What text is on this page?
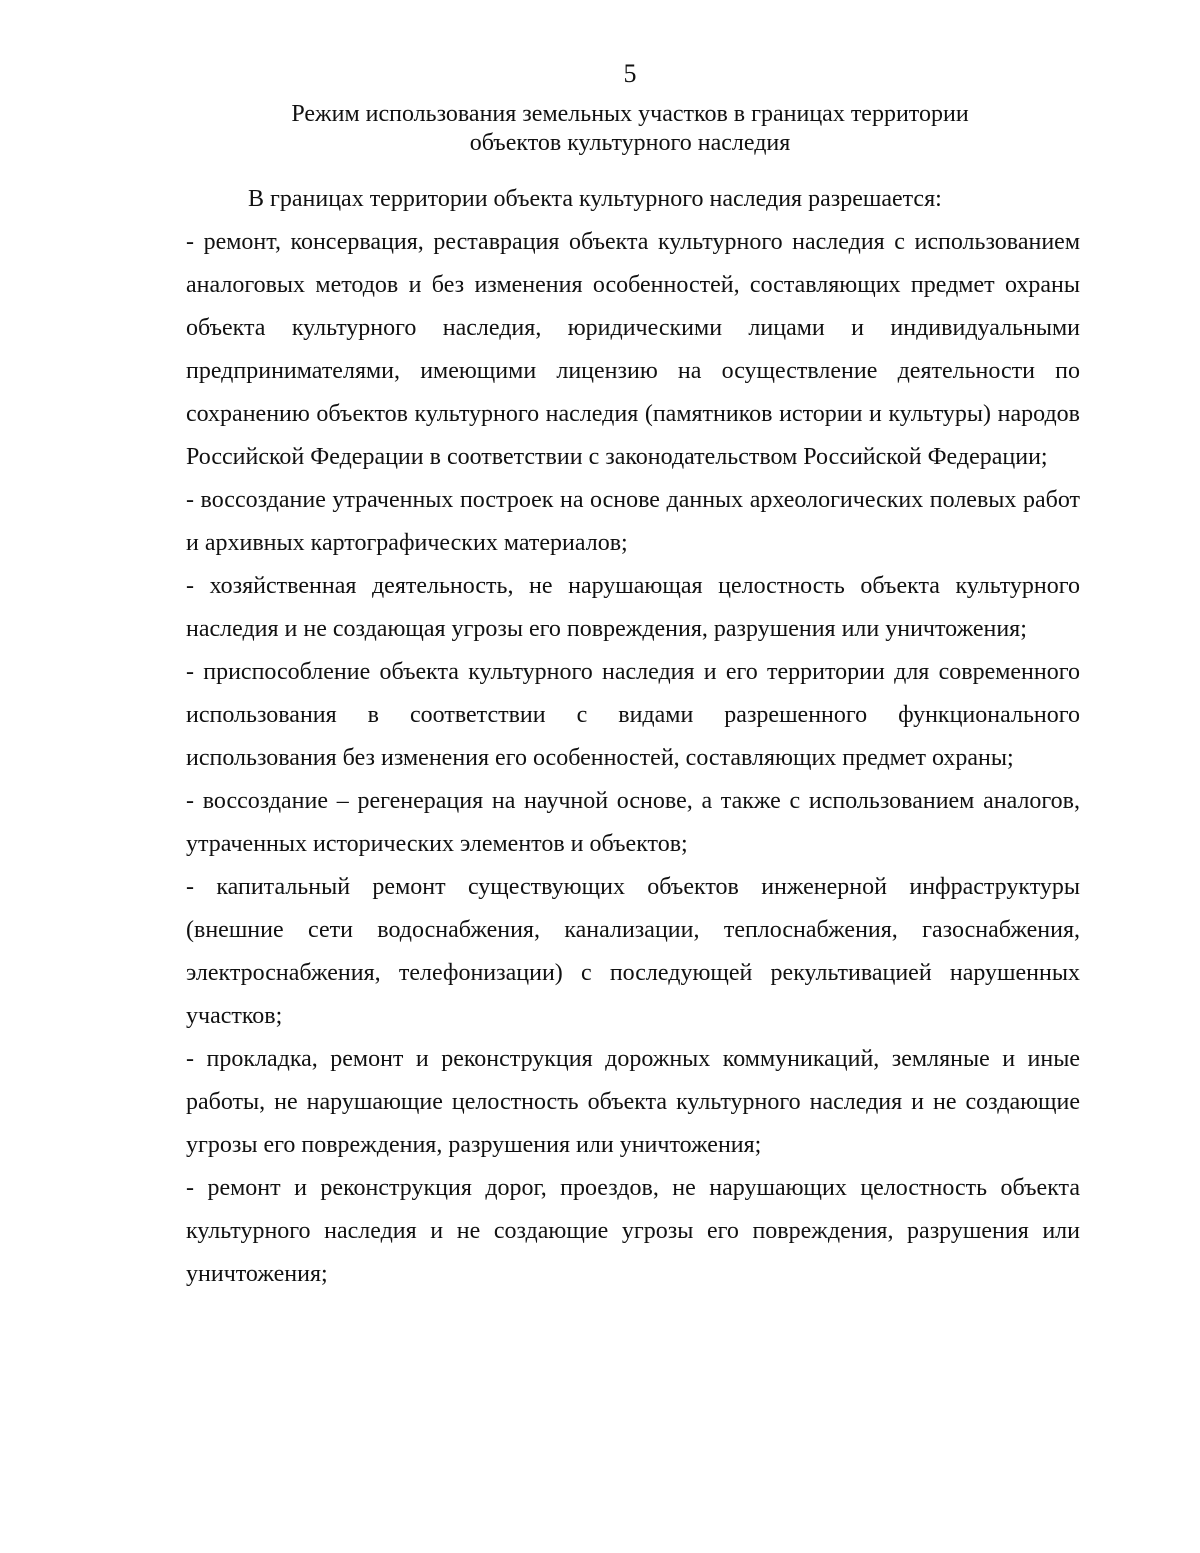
5
Режим использования земельных участков в границах территории
объектов культурного наследия

В границах территории объекта культурного наследия разрешается:

- ремонт, консервация, реставрация объекта культурного наследия с использованием аналоговых методов и без изменения особенностей, составляющих предмет охраны объекта культурного наследия, юридическими лицами и индивидуальными предпринимателями, имеющими лицензию на осуществление деятельности по сохранению объектов культурного наследия (памятников истории и культуры) народов Российской Федерации в соответствии с законодательством Российской Федерации;

- воссоздание утраченных построек на основе данных археологических полевых работ и архивных картографических материалов;

- хозяйственная деятельность, не нарушающая целостность объекта культурного наследия и не создающая угрозы его повреждения, разрушения или уничтожения;

- приспособление объекта культурного наследия и его территории для современного использования в соответствии с видами разрешенного функционального использования без изменения его особенностей, составляющих предмет охраны;

- воссоздание – регенерация на научной основе, а также с использованием аналогов, утраченных исторических элементов и объектов;

- капитальный ремонт существующих объектов инженерной инфраструктуры (внешние сети водоснабжения, канализации, теплоснабжения, газоснабжения, электроснабжения, телефонизации) с последующей рекультивацией нарушенных участков;

- прокладка, ремонт и реконструкция дорожных коммуникаций, земляные и иные работы, не нарушающие целостность объекта культурного наследия и не создающие угрозы его повреждения, разрушения или уничтожения;

- ремонт и реконструкция дорог, проездов, не нарушающих целостность объекта культурного наследия и не создающие угрозы его повреждения, разрушения или уничтожения;
